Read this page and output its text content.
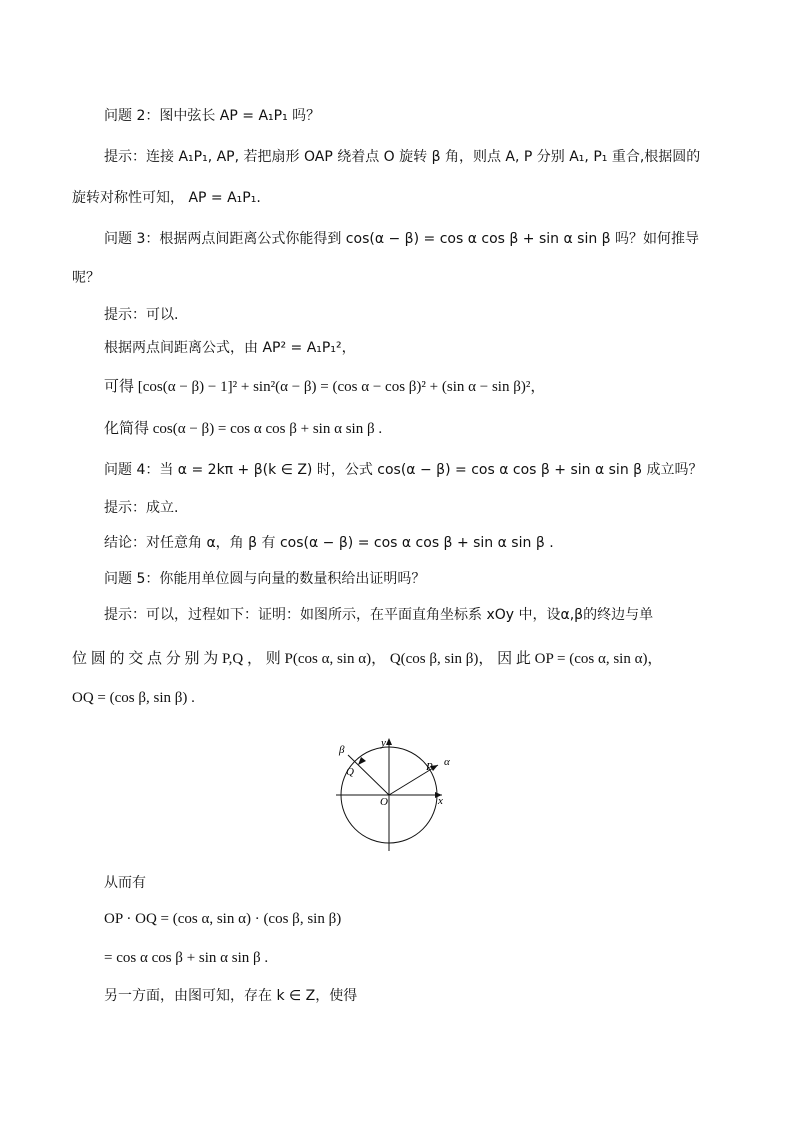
问题 2：图中弦长 AP = A₁P₁ 吗？
提示：连接 A₁P₁, AP, 若把扇形 OAP 绕着点 O 旋转 β 角，则点 A, P 分别 A₁, P₁ 重合,根据圆的
旋转对称性可知， AP = A₁P₁.
问题 3：根据两点间距离公式你能得到 cos(α − β) = cos α cos β + sin α sin β 吗？如何推导
呢？
提示：可以.
根据两点间距离公式，由 AP² = A₁P₁²，
可得 [cos(α − β) − 1]² + sin²(α − β) = (cos α − cos β)² + (sin α − sin β)²，
化简得 cos(α − β) = cos α cos β + sin α sin β .
问题 4：当 α = 2kπ + β(k ∈ Z) 时，公式 cos(α − β) = cos α cos β + sin α sin β 成立吗？
提示：成立.
结论：对任意角 α，角 β 有 cos(α − β) = cos α cos β + sin α sin β .
问题 5：你能用单位圆与向量的数量积给出证明吗？
提示：可以，过程如下：证明：如图所示，在平面直角坐标系 xOy 中，设α,β的终边与单
位 圆 的 交 点 分 别 为 P,Q ， 则 P(cos α, sin α)， Q(cos β, sin β)， 因 此 OP = (cos α, sin α)，
OQ = (cos β, sin β) .
y
x
O
P
Q
α
β
从而有
OP · OQ = (cos α, sin α) · (cos β, sin β)
= cos α cos β + sin α sin β .
另一方面，由图可知，存在 k ∈ Z，使得
